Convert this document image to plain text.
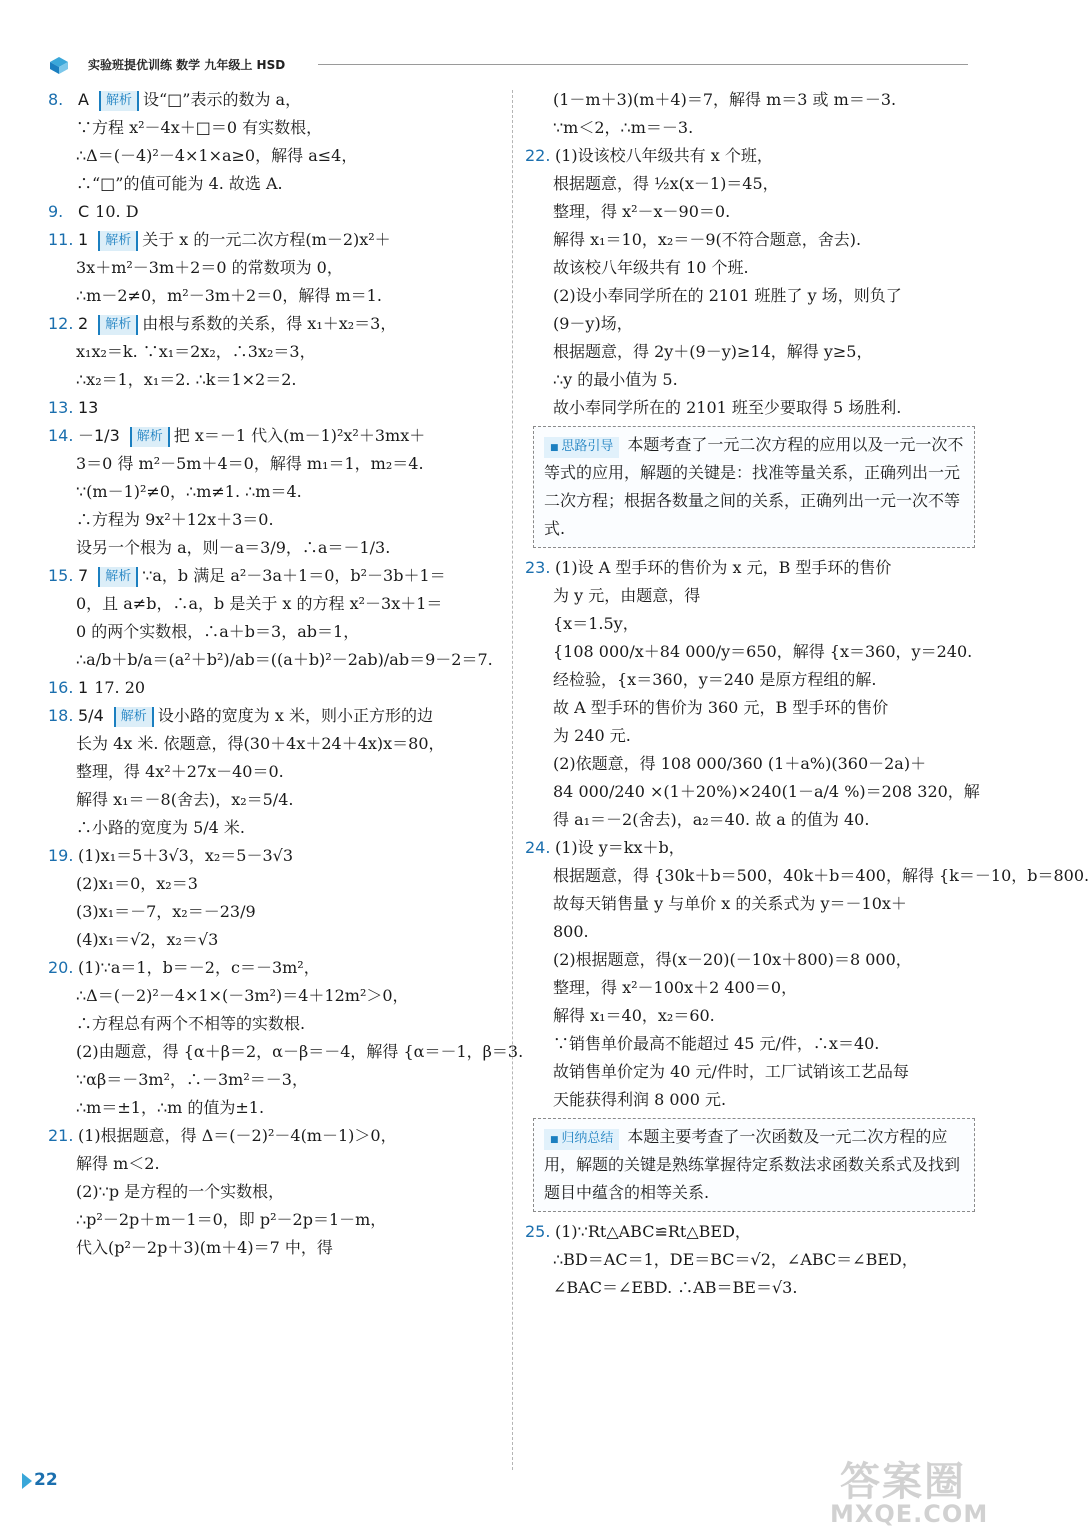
实验班提优训练 数学 九年级上 HSD
8. A 解析 设“□”表示的数为 a，
∵方程 x²－4x＋□＝0 有实数根，
∴Δ＝(－4)²－4×1×a≥0，解得 a≤4，
∴“□”的值可能为 4. 故选 A.
9. C 10. D
11. 1 解析 关于 x 的一元二次方程(m－2)x²＋
3x＋m²－3m＋2＝0 的常数项为 0，
∴m－2≠0，m²－3m＋2＝0，解得 m＝1.
12. 2 解析 由根与系数的关系，得 x₁＋x₂＝3，
x₁x₂＝k. ∵x₁＝2x₂，∴3x₂＝3，
∴x₂＝1，x₁＝2. ∴k＝1×2＝2.
13. 13
14. －1/3 解析 把 x＝－1 代入(m－1)²x²＋3mx＋
3＝0 得 m²－5m＋4＝0，解得 m₁＝1，m₂＝4.
∵(m－1)²≠0，∴m≠1. ∴m＝4.
∴方程为 9x²＋12x＋3＝0.
设另一个根为 a，则－a＝3/9，∴a＝－1/3.
15. 7 解析 ∵a，b 满足 a²－3a＋1＝0，b²－3b＋1＝
0，且 a≠b，∴a，b 是关于 x 的方程 x²－3x＋1＝
0 的两个实数根，∴a＋b＝3，ab＝1，
∴a/b＋b/a＝(a²＋b²)/ab＝((a＋b)²－2ab)/ab＝9－2＝7.
16. 1 17. 20
18. 5/4 解析 设小路的宽度为 x 米，则小正方形的边
长为 4x 米. 依题意，得(30＋4x＋24＋4x)x＝80，
整理，得 4x²＋27x－40＝0.
解得 x₁＝－8(舍去)，x₂＝5/4.
∴小路的宽度为 5/4 米.
19. (1)x₁＝5＋3√3，x₂＝5－3√3
(2)x₁＝0，x₂＝3
(3)x₁＝－7，x₂＝－23/9
(4)x₁＝√2，x₂＝√3
20. (1)∵a＝1，b＝－2，c＝－3m²，
∴Δ＝(－2)²－4×1×(－3m²)＝4＋12m²＞0，
∴方程总有两个不相等的实数根.
(2)由题意，得 {α＋β＝2，α－β＝－4，解得 {α＝－1，β＝3.
∵αβ＝－3m²，∴－3m²＝－3，
∴m＝±1，∴m 的值为±1.
21. (1)根据题意，得 Δ＝(－2)²－4(m－1)＞0，
解得 m＜2.
(2)∵p 是方程的一个实数根，
∴p²－2p＋m－1＝0，即 p²－2p＝1－m，
代入(p²－2p＋3)(m＋4)＝7 中，得
(1－m＋3)(m＋4)＝7，解得 m＝3 或 m＝－3.
∵m＜2，∴m＝－3.
22. (1)设该校八年级共有 x 个班，
根据题意，得 ½x(x－1)＝45，
整理，得 x²－x－90＝0.
解得 x₁＝10，x₂＝－9(不符合题意，舍去).
故该校八年级共有 10 个班.
(2)设小奉同学所在的 2101 班胜了 y 场，则负了
(9－y)场，
根据题意，得 2y＋(9－y)≥14，解得 y≥5，
∴y 的最小值为 5.
故小奉同学所在的 2101 班至少要取得 5 场胜利.
■ 思路引导 本题考查了一元二次方程的应用以及一元一次不等式的应用，解题的关键是：找准等量关系，正确列出一元二次方程；根据各数量之间的关系，正确列出一元一次不等式.
23. (1)设 A 型手环的售价为 x 元，B 型手环的售价
为 y 元，由题意，得
{x＝1.5y，
{108 000/x＋84 000/y＝650，解得 {x＝360，y＝240.
经检验，{x＝360，y＝240 是原方程组的解.
故 A 型手环的售价为 360 元，B 型手环的售价
为 240 元.
(2)依题意，得 108 000/360 (1＋a%)(360－2a)＋
84 000/240 ×(1＋20%)×240(1－a/4 %)＝208 320，解
得 a₁＝－2(舍去)，a₂＝40. 故 a 的值为 40.
24. (1)设 y＝kx＋b，
根据题意，得 {30k＋b＝500，40k＋b＝400，解得 {k＝－10，b＝800.
故每天销售量 y 与单价 x 的关系式为 y＝－10x＋
800.
(2)根据题意，得(x－20)(－10x＋800)＝8 000，
整理，得 x²－100x＋2 400＝0，
解得 x₁＝40，x₂＝60.
∵销售单价最高不能超过 45 元/件，∴x＝40.
故销售单价定为 40 元/件时，工厂试销该工艺品每
天能获得利润 8 000 元.
■ 归纳总结 本题主要考查了一次函数及一元二次方程的应用，解题的关键是熟练掌握待定系数法求函数关系式及找到题目中蕴含的相等关系.
25. (1)∵Rt△ABC≌Rt△BED，
∴BD＝AC＝1，DE＝BC＝√2，∠ABC＝∠BED，
∠BAC＝∠EBD. ∴AB＝BE＝√3.
22	答案圈
MXQE.COM
